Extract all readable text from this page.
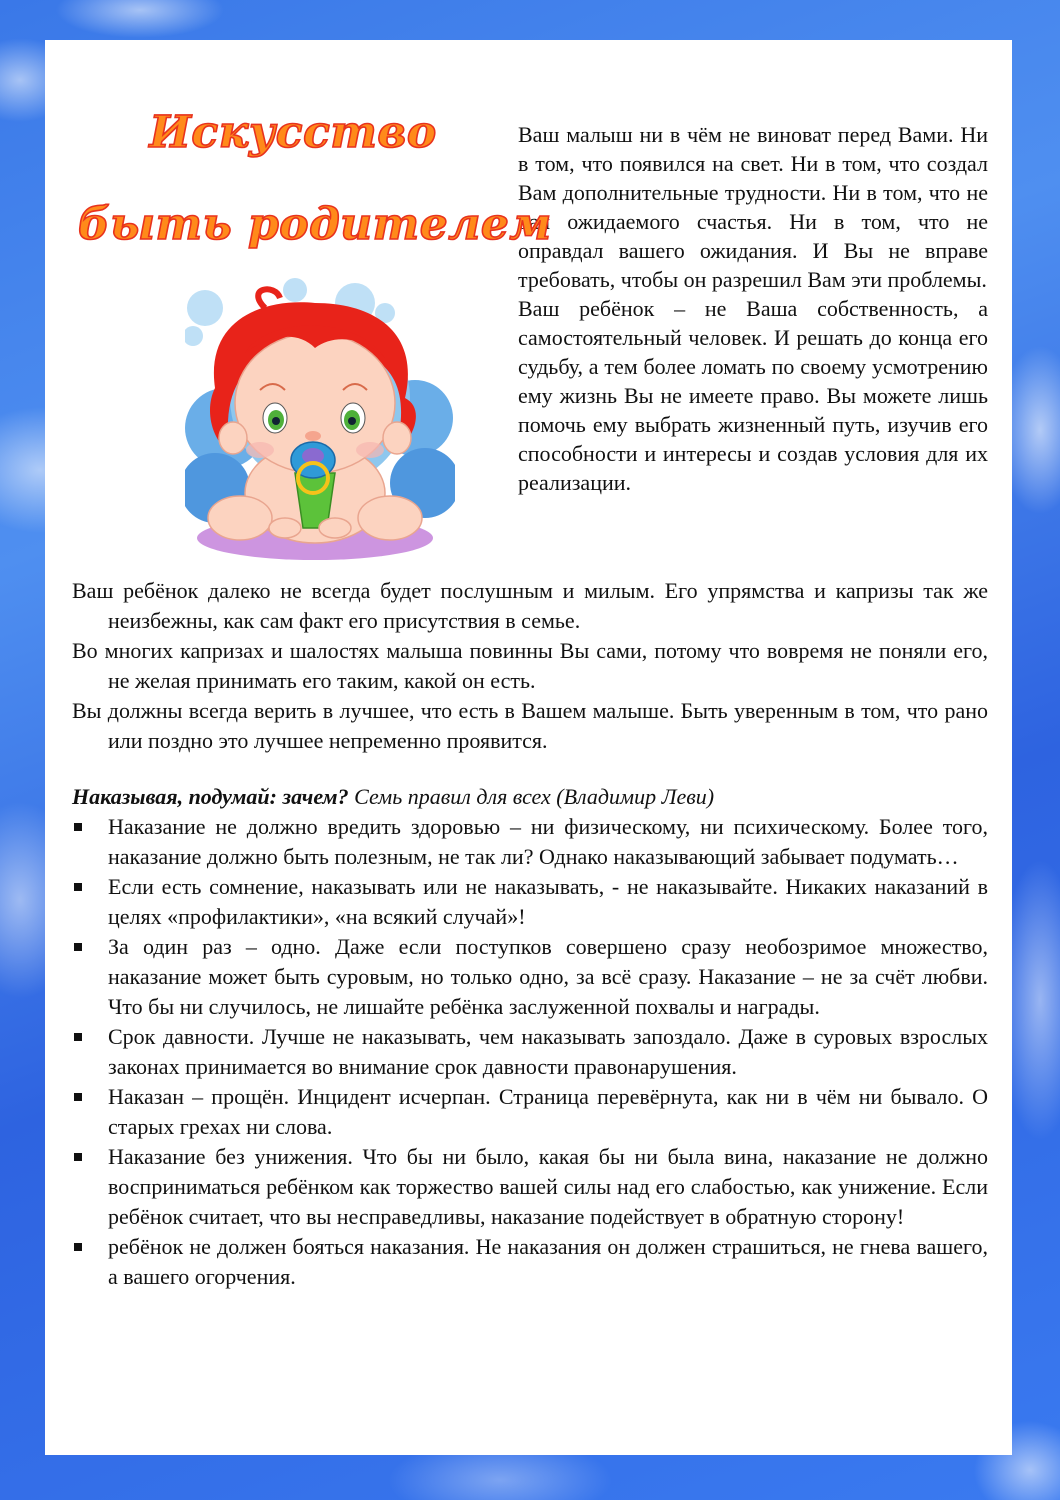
Искусство
быть родителем

Ваш малыш ни в чём не виноват перед Вами. Ни в том, что появился на свет. Ни в том, что создал Вам дополнительные трудности. Ни в том, что не дал ожидаемого счастья. Ни в том, что не оправдал вашего ожидания. И Вы не вправе требовать, чтобы он разрешил Вам эти проблемы.

Ваш ребёнок – не Ваша собственность, а самостоятельный человек. И решать до конца его судьбу, а тем более ломать по своему усмотрению ему жизнь Вы не имеете право. Вы можете лишь помочь ему выбрать жизненный путь, изучив его способности и интересы и создав условия для их реализации.

Ваш ребёнок далеко не всегда будет послушным и милым. Его упрямства и капризы так же неизбежны, как сам факт его присутствия в семье.

Во многих капризах и шалостях малыша повинны Вы сами, потому что вовремя не поняли его, не желая принимать его таким, какой он есть.

Вы должны всегда верить в лучшее, что есть в Вашем малыше. Быть уверенным в том, что рано или поздно это лучшее непременно проявится.

Наказывая, подумай: зачем? Семь правил для всех (Владимир Леви)
Наказание не должно вредить здоровью – ни физическому, ни психическому. Более того, наказание должно быть полезным, не так ли? Однако наказывающий забывает подумать…
Если есть сомнение, наказывать или не наказывать, - не наказывайте. Никаких наказаний в целях «профилактики», «на всякий случай»!
За один раз – одно. Даже если поступков совершено сразу необозримое множество, наказание может быть суровым, но только одно, за всё сразу. Наказание – не за счёт любви. Что бы ни случилось, не лишайте ребёнка заслуженной похвалы и награды.
Срок давности. Лучше не наказывать, чем наказывать запоздало. Даже в суровых взрослых законах принимается во внимание срок давности правонарушения.
Наказан – прощён. Инцидент исчерпан. Страница перевёрнута, как ни в чём ни бывало. О старых грехах ни слова.
Наказание без унижения. Что бы ни было, какая бы ни была вина, наказание не должно восприниматься ребёнком как торжество вашей силы над его слабостью, как унижение. Если ребёнок считает, что вы несправедливы, наказание подействует в обратную сторону!
ребёнок не должен бояться наказания. Не наказания он должен страшиться, не гнева вашего, а вашего огорчения.
